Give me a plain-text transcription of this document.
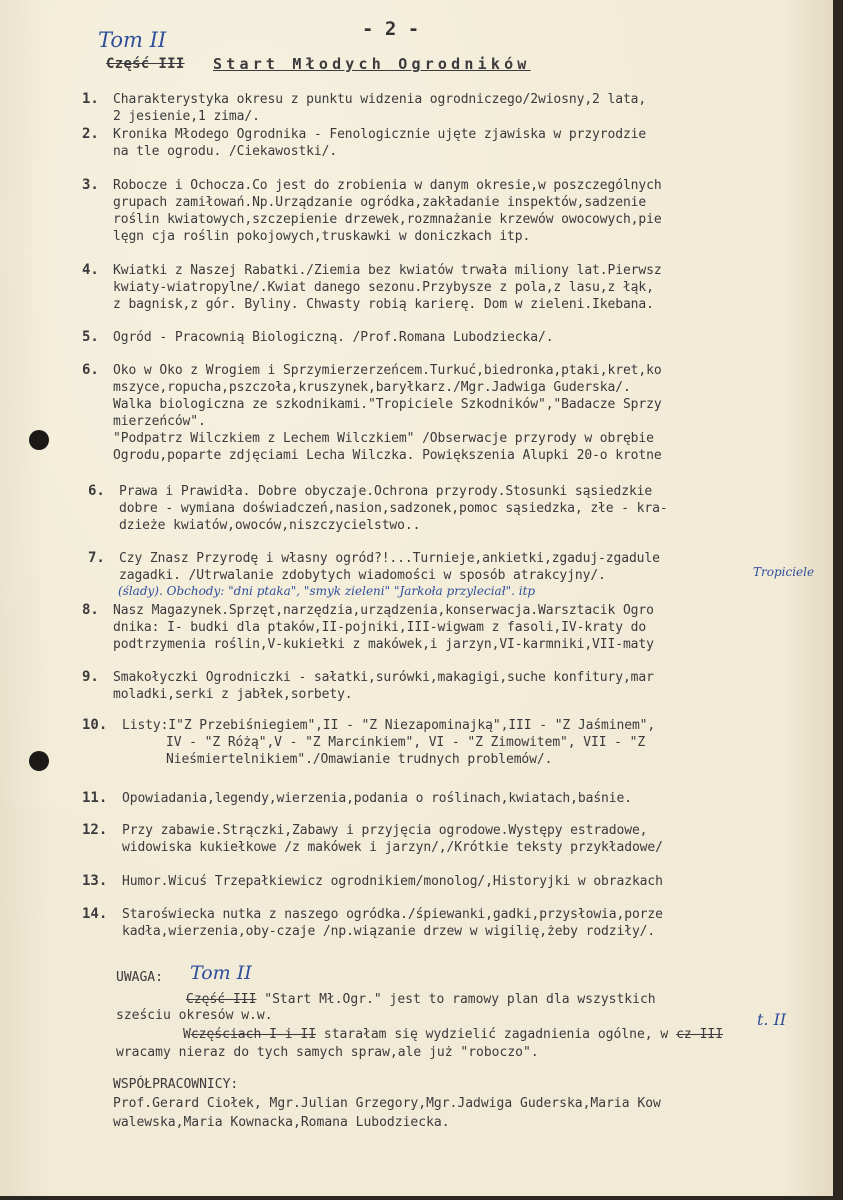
- 2 -
Tom II
Część III Start Młodych Ogrodników
1. Charakterystyka okresu z punktu widzenia ogrodniczego/2wiosny,2 lata,
2 jesienie,1 zima/.
2. Kronika Młodego Ogrodnika - Fenologicznie ujęte zjawiska w przyrodzie
na tle ogrodu. /Ciekawostki/.
3. Robocze i Ochocza.Co jest do zrobienia w danym okresie,w poszczególnych
grupach zamiłowań.Np.Urządzanie ogródka,zakładanie inspektów,sadzenie
roślin kwiatowych,szczepienie drzewek,rozmnażanie krzewów owocowych,pie
lęgn cja roślin pokojowych,truskawki w doniczkach itp.
4. Kwiatki z Naszej Rabatki./Ziemia bez kwiatów trwała miliony lat.Pierwsz
kwiaty-wiatropylne/.Kwiat danego sezonu.Przybysze z pola,z lasu,z łąk,
z bagnisk,z gór. Byliny. Chwasty robią karierę. Dom w zieleni.Ikebana.
5. Ogród - Pracownią Biologiczną. /Prof.Romana Lubodziecka/.
6. Oko w Oko z Wrogiem i Sprzymierzerzeńcem.Turkuć,biedronka,ptaki,kret,ko
mszyce,ropucha,pszczoła,kruszynek,baryłkarz./Mgr.Jadwiga Guderska/.
Walka biologiczna ze szkodnikami."Tropiciele Szkodników","Badacze Sprzy
mierzeńców".
"Podpatrz Wilczkiem z Lechem Wilczkiem" /Obserwacje przyrody w obrębie
Ogrodu,poparte zdjęciami Lecha Wilczka. Powiększenia Alupki 20-o krotne
6. Prawa i Prawidła. Dobre obyczaje.Ochrona przyrody.Stosunki sąsiedzkie
dobre - wymiana doświadczeń,nasion,sadzonek,pomoc sąsiedzka, złe - kra-
dzieże kwiatów,owoców,niszczycielstwo..
7. Czy Znasz Przyrodę i własny ogród?!...Turnieje,ankietki,zgaduj-zgadule
zagadki. /Utrwalanie zdobytych wiadomości w sposób atrakcyjny/.	Tropiciele
(ślady). Obchody: "dni ptaka", "smyk zieleni" "Jarkoła przyleciał". itp
8. Nasz Magazynek.Sprzęt,narzędzia,urządzenia,konserwacja.Warsztacik Ogro
dnika: I- budki dla ptaków,II-pojniki,III-wigwam z fasoli,IV-kraty do
podtrzymenia roślin,V-kukiełki z makówek,i jarzyn,VI-karmniki,VII-maty
9. Smakołyczki Ogrodniczki - sałatki,surówki,makagigi,suche konfitury,mar
moladki,serki z jabłek,sorbety.
10. Listy:I"Z Przebiśniegiem",II - "Z Niezapominajką",III - "Z Jaśminem",
IV - "Z Różą",V - "Z Marcinkiem", VI - "Z Zimowitem", VII - "Z
Nieśmiertelnikiem"./Omawianie trudnych problemów/.
11. Opowiadania,legendy,wierzenia,podania o roślinach,kwiatach,baśnie.
12. Przy zabawie.Strączki,Zabawy i przyjęcia ogrodowe.Występy estradowe,
widowiska kukiełkowe /z makówek i jarzyn/,/Krótkie teksty przykładowe/
13. Humor.Wicuś Trzepałkiewicz ogrodnikiem/monolog/,Historyjki w obrazkach
14. Staroświecka nutka z naszego ogródka./śpiewanki,gadki,przysłowia,porze
kadła,wierzenia,oby-czaje /np.wiązanie drzew w wigilię,żeby rodziły/.
UWAGA:
Część III "Start Mł.Ogr." jest to ramowy plan dla wszystkich
sześciu okresów w.w.
Wczęściach I i II starałam się wydzielić zagadnienia ogólne, w cz III
wracamy nieraz do tych samych spraw,ale już "roboczo".
Tom II
t. II
WSPÓŁPRACOWNICY:
Prof.Gerard Ciołek, Mgr.Julian Grzegory,Mgr.Jadwiga Guderska,Maria Kow
walewska,Maria Kownacka,Romana Lubodziecka.
